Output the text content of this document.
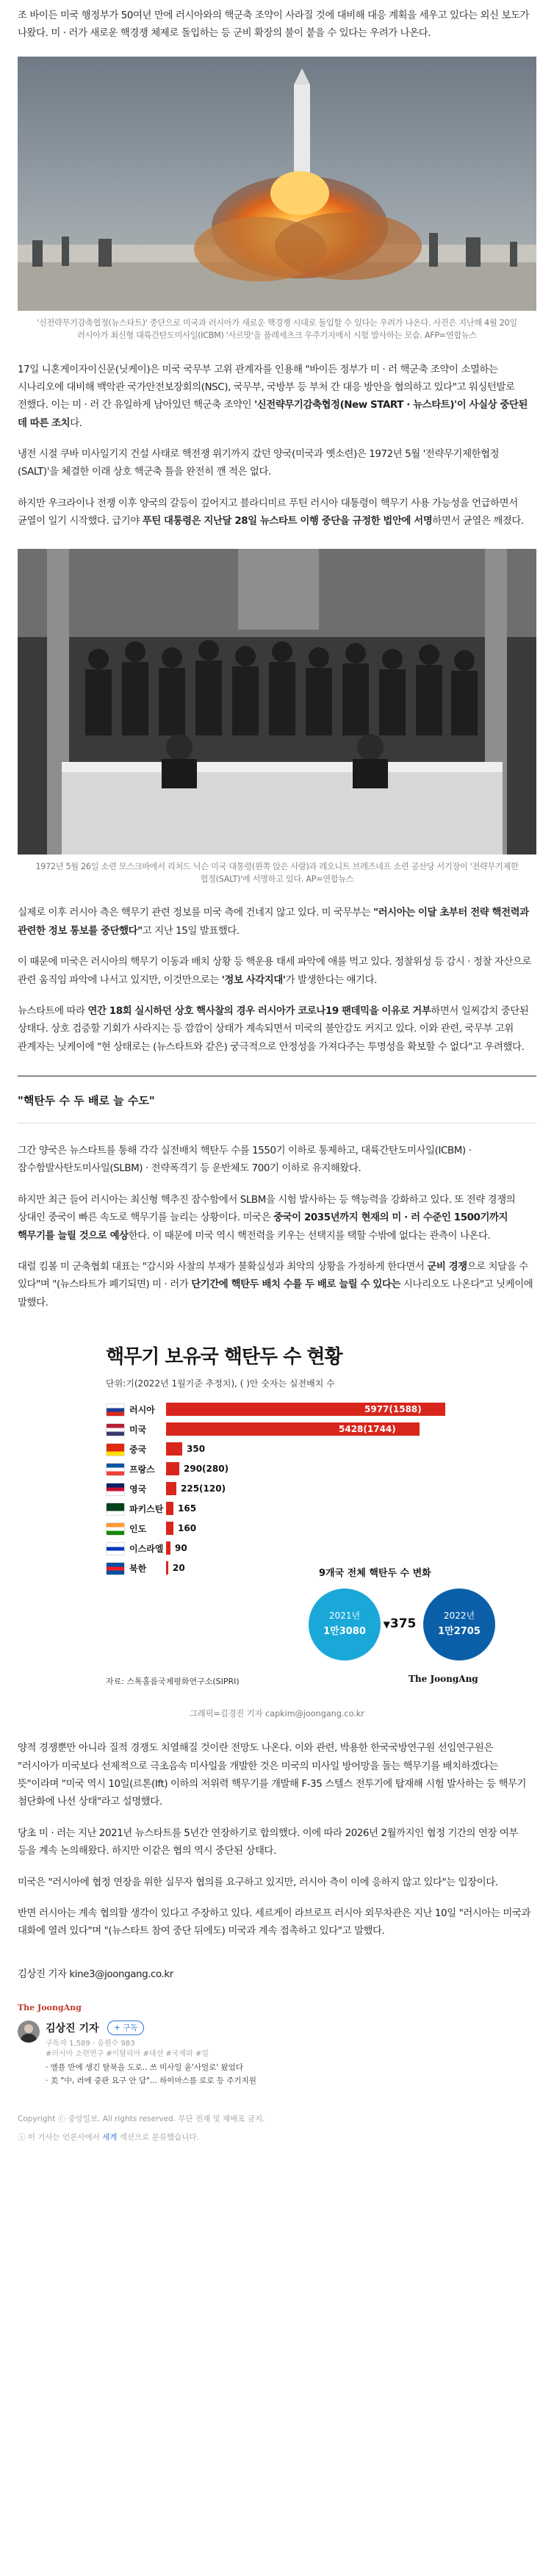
조 바이든 미국 행정부가 50여년 만에 러시아와의 핵군축 조약이 사라질 것에 대비해 대응 계획을 세우고 있다는 외신 보도가 나왔다. 미 · 러가 새로운 핵경쟁 체제로 돌입하는 등 군비 확장의 불이 붙을 수 있다는 우려가 나온다.

'신전략무기감축협정(뉴스타트)' 중단으로 미국과 러시아가 새로운 핵경쟁 시대로 돌입할 수 있다는 우려가 나온다. 사진은 지난해 4월 20일 러시아가 최신형 대륙간탄도미사일(ICBM) '사르맛'을 플레세츠크 우주기지에서 시험 발사하는 모습. AFP=연합뉴스

17일 니혼게이자이신문(닛케이)은 미국 국무부 고위 관계자를 인용해 "바이든 정부가 미 · 러 핵군축 조약이 소멸하는 시나리오에 대비해 백악관 국가안전보장회의(NSC), 국무부, 국방부 등 부처 간 대응 방안을 협의하고 있다"고 워싱턴발로 전했다. 이는 미 · 러 간 유일하게 남아있던 핵군축 조약인 '신전략무기감축협정(New START · 뉴스타트)'이 사실상 중단된 데 따른 조치다.

냉전 시절 쿠바 미사일기지 건설 사태로 핵전쟁 위기까지 갔던 양국(미국과 옛소련)은 1972년 5월 '전략무기제한협정(SALT)'을 체결한 이래 상호 핵군축 틀을 완전히 깬 적은 없다.

하지만 우크라이나 전쟁 이후 양국의 갈등이 깊어지고 블라디미르 푸틴 러시아 대통령이 핵무기 사용 가능성을 언급하면서 균열이 일기 시작했다. 급기야 푸틴 대통령은 지난달 28일 뉴스타트 이행 중단을 규정한 법안에 서명하면서 균열은 깨졌다.

1972년 5월 26일 소련 모스크바에서 리처드 닉슨 미국 대통령(왼쪽 앉은 사람)과 레오니트 브레즈네프 소련 공산당 서기장이 '전략무기제한협정(SALT)'에 서명하고 있다. AP=연합뉴스

실제로 이후 러시아 측은 핵무기 관련 정보를 미국 측에 건네지 않고 있다. 미 국무부는 "러시아는 이달 초부터 전략 핵전력과 관련한 정보 통보를 중단했다"고 지난 15일 발표했다.

이 때문에 미국은 러시아의 핵무기 이동과 배치 상황 등 핵운용 태세 파악에 애를 먹고 있다. 정찰위성 등 감시 · 정찰 자산으로 관련 움직임 파악에 나서고 있지만, 이것만으로는 '정보 사각지대'가 발생한다는 얘기다.

뉴스타트에 따라 연간 18회 실시하던 상호 핵사찰의 경우 러시아가 코로나19 팬데믹을 이유로 거부하면서 일찌감치 중단된 상태다. 상호 검증할 기회가 사라지는 등 깜깜이 상태가 계속되면서 미국의 불안감도 커지고 있다. 이와 관련, 국무부 고위 관계자는 닛케이에 "현 상태로는 (뉴스타트와 같은) 궁극적으로 안정성을 가져다주는 투명성을 확보할 수 없다"고 우려했다.

"핵탄두 수 두 배로 늘 수도"

그간 양국은 뉴스타트를 통해 각각 실전배치 핵탄두 수를 1550기 이하로 통제하고, 대륙간탄도미사일(ICBM) · 잠수함발사탄도미사일(SLBM) · 전략폭격기 등 운반체도 700기 이하로 유지해왔다.

하지만 최근 들어 러시아는 최신형 핵추진 잠수함에서 SLBM을 시험 발사하는 등 핵능력을 강화하고 있다. 또 전략 경쟁의 상대인 중국이 빠른 속도로 핵무기를 늘리는 상황이다. 미국은 중국이 2035년까지 현재의 미 · 러 수준인 1500기까지 핵무기를 늘릴 것으로 예상한다. 이 때문에 미국 역시 핵전력을 키우는 선택지를 택할 수밖에 없다는 관측이 나온다.

대럴 킴볼 미 군축협회 대표는 "감시와 사찰의 부재가 불확실성과 최악의 상황을 가정하게 한다면서 군비 경쟁으로 치달을 수 있다"며 "(뉴스타트가 폐기되면) 미 · 러가 단기간에 핵탄두 배치 수를 두 배로 늘릴 수 있다는 시나리오도 나온다"고 닛케이에 말했다.

핵무기 보유국 핵탄두 수 현황
단위:기(2022년 1월기준 추정치), ( )안 숫자는 실전배치 수
러시아	5977(1588)
미국	5428(1744)
중국	350
프랑스	290(280)
영국	225(120)
파키스탄 165
인도	160
이스라엘 90
북한	20	9개국 전체 핵탄두 수 변화
2021년
1만3080
▼375
2022년
1만2705
자료: 스톡홀름국제평화연구소(SIPRI)	The JoongAng
그래픽=김경진 기자 capkim@joongang.co.kr

양적 경쟁뿐만 아니라 질적 경쟁도 치열해질 것이란 전망도 나온다. 이와 관련, 박용한 한국국방연구원 선임연구원은 "러시아가 미국보다 선제적으로 극초음속 미사일을 개발한 것은 미국의 미사일 방어망을 돌는 핵무기를 배치하겠다는 뜻"이라며 "미국 역시 10일(르톤(Ift) 이하의 저위력 핵무기를 개발해 F-35 스텔스 전투기에 탑재해 시험 발사하는 등 핵무기 첨단화에 나선 상태"라고 설명했다.

당초 미 · 러는 지난 2021년 뉴스타트를 5년간 연장하기로 합의했다. 이에 따라 2026년 2월까지인 협정 기간의 연장 여부 등을 계속 논의해왔다. 하지만 이같은 협의 역시 중단된 상태다.

미국은 "러시아에 협정 연장을 위한 실무자 협의를 요구하고 있지만, 러시아 측이 이에 응하지 않고 있다"는 입장이다.

반면 러시아는 계속 협의할 생각이 있다고 주장하고 있다. 세르게이 라브로프 러시아 외무차관은 지난 10일 "러시아는 미국과 대화에 열려 있다"며 "(뉴스타트 참여 중단 뒤에도) 미국과 계속 접촉하고 있다"고 말했다.

김상진 기자 kine3@joongang.co.kr

The JoongAng
김상진 기자	+ 구독
구독자 1,589 · 응원수 983
#러시아 소련연구 #이탈리아 #대선 #국제와 #일
· 엘플 만에 생긴 탈북을 도로.. 쓰 미사일 윤'사얼로' 왔었다
· 美 "中, 러에 중판 요구 안 담"... 하이마스를 로로 등 주기지원
Copyright ⓒ 중앙일보. All rights reserved. 무단 전재 및 재배포 금지.
ⓘ 이 기사는 언론사에서 세계 섹션으로 분류했습니다.
